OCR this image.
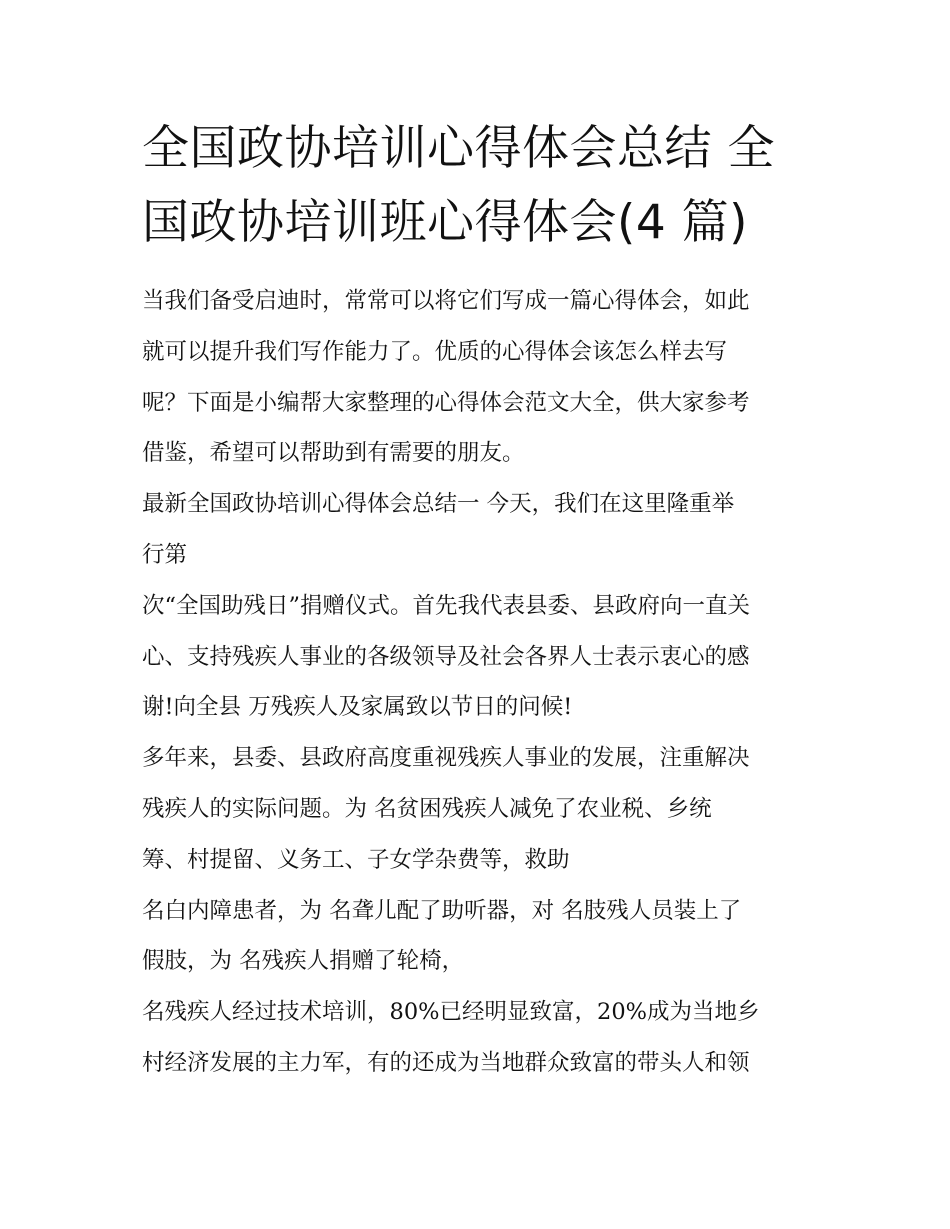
全国政协培训心得体会总结 全
国政协培训班心得体会(4 篇)
当我们备受启迪时，常常可以将它们写成一篇心得体会，如此
就可以提升我们写作能力了。优质的心得体会该怎么样去写
呢？下面是小编帮大家整理的心得体会范文大全，供大家参考
借鉴，希望可以帮助到有需要的朋友。
最新全国政协培训心得体会总结一 今天，我们在这里隆重举
行第
次“全国助残日”捐赠仪式。首先我代表县委、县政府向一直关
心、支持残疾人事业的各级领导及社会各界人士表示衷心的感
谢!向全县 万残疾人及家属致以节日的问候!
多年来，县委、县政府高度重视残疾人事业的发展，注重解决
残疾人的实际问题。为 名贫困残疾人减免了农业税、乡统
筹、村提留、义务工、子女学杂费等，救助
名白内障患者，为 名聋儿配了助听器，对 名肢残人员装上了
假肢，为 名残疾人捐赠了轮椅，
名残疾人经过技术培训，80%已经明显致富，20%成为当地乡
村经济发展的主力军，有的还成为当地群众致富的带头人和领
